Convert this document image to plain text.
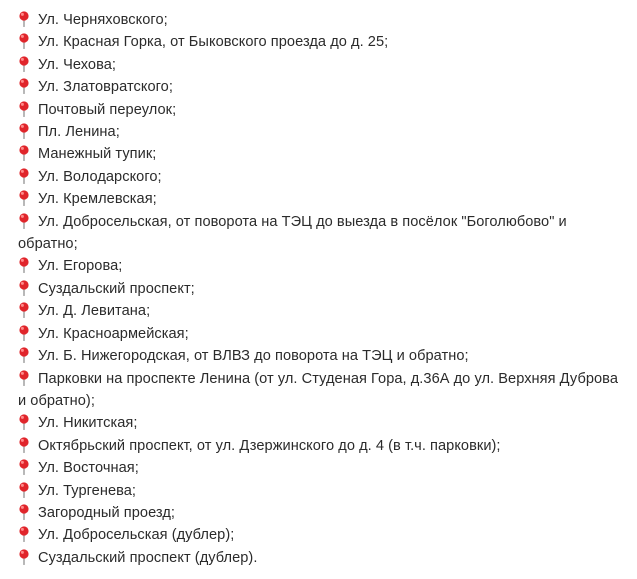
Ул. Черняховского;
Ул. Красная Горка, от Быковского проезда до д. 25;
Ул. Чехова;
Ул. Златовратского;
Почтовый переулок;
Пл. Ленина;
Манежный тупик;
Ул. Володарского;
Ул. Кремлевская;
Ул. Добросельская, от поворота на ТЭЦ до выезда в посёлок "Боголюбово" и обратно;
Ул. Егорова;
Суздальский проспект;
Ул. Д. Левитана;
Ул. Красноармейская;
Ул. Б. Нижегородская, от ВЛВЗ до поворота на ТЭЦ и обратно;
Парковки на проспекте Ленина (от ул. Студеная Гора, д.36А до ул. Верхняя Дуброва и обратно);
Ул. Никитская;
Октябрьский проспект, от ул. Дзержинского до д. 4 (в т.ч. парковки);
Ул. Восточная;
Ул. Тургенева;
Загородный проезд;
Ул. Добросельская (дублер);
Суздальский проспект (дублер).
